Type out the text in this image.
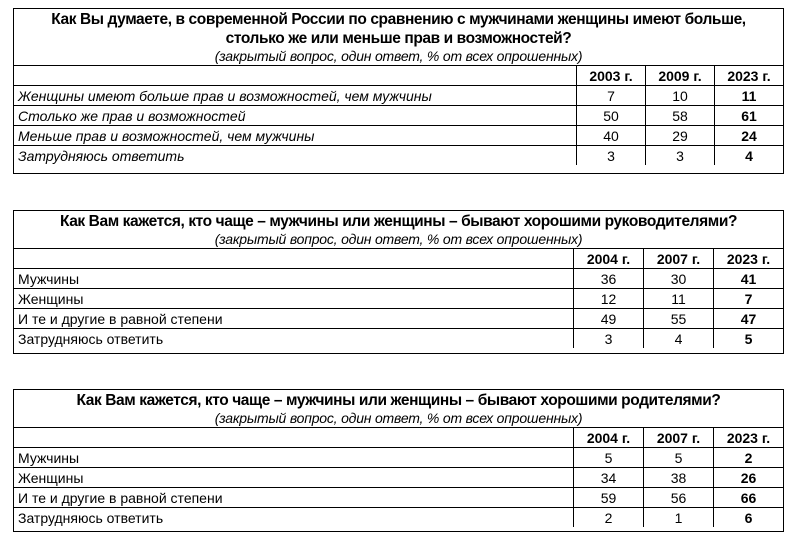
Как Вы думаете, в современной России по сравнению с мужчинами женщины имеют больше,
столько же или меньше прав и возможностей?
(закрытый вопрос, один ответ, % от всех опрошенных)
	2003 г.	2009 г.	2023 г.
Женщины имеют больше прав и возможностей, чем мужчины	7	10	11
Столько же прав и возможностей	50	58	61
Меньше прав и возможностей, чем мужчины	40	29	24
Затрудняюсь ответить	3	3	4
Как Вам кажется, кто чаще – мужчины или женщины – бывают хорошими руководителями?
(закрытый вопрос, один ответ, % от всех опрошенных)
	2004 г.	2007 г.	2023 г.
Мужчины	36	30	41
Женщины	12	11	7
И те и другие в равной степени	49	55	47
Затрудняюсь ответить	3	4	5
Как Вам кажется, кто чаще – мужчины или женщины – бывают хорошими родителями?
(закрытый вопрос, один ответ, % от всех опрошенных)
	2004 г.	2007 г.	2023 г.
Мужчины	5	5	2
Женщины	34	38	26
И те и другие в равной степени	59	56	66
Затрудняюсь ответить	2	1	6
